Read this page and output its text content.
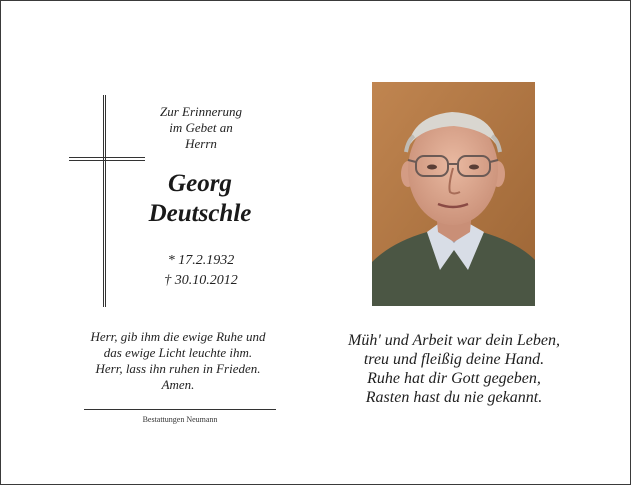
Zur Erinnerung
im Gebet an
Herrn
Georg
Deutschle
* 17.2.1932
† 30.10.2012
Herr, gib ihm die ewige Ruhe und
das ewige Licht leuchte ihm.
Herr, lass ihn ruhen in Frieden.
Amen.
Bestattungen Neumann
Müh' und Arbeit war dein Leben,
treu und fleißig deine Hand.
Ruhe hat dir Gott gegeben,
Rasten hast du nie gekannt.
